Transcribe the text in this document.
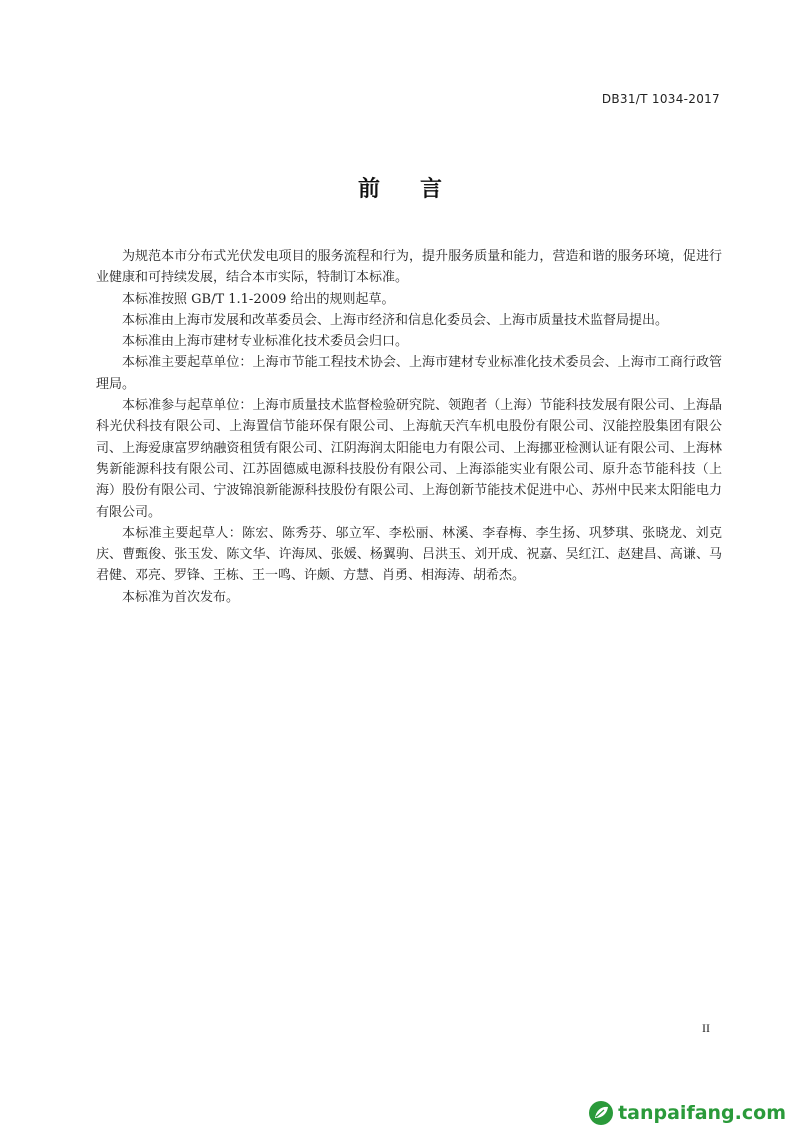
DB31/T 1034-2017
前 言

为规范本市分布式光伏发电项目的服务流程和行为，提升服务质量和能力，营造和谐的服务环境，促进行业健康和可持续发展，结合本市实际，特制订本标准。

本标准按照 GB/T 1.1-2009 给出的规则起草。

本标准由上海市发展和改革委员会、上海市经济和信息化委员会、上海市质量技术监督局提出。

本标准由上海市建材专业标准化技术委员会归口。

本标准主要起草单位：上海市节能工程技术协会、上海市建材专业标准化技术委员会、上海市工商行政管理局。

本标准参与起草单位：上海市质量技术监督检验研究院、领跑者（上海）节能科技发展有限公司、上海晶科光伏科技有限公司、上海置信节能环保有限公司、上海航天汽车机电股份有限公司、汉能控股集团有限公司、上海爱康富罗纳融资租赁有限公司、江阴海润太阳能电力有限公司、上海挪亚检测认证有限公司、上海林隽新能源科技有限公司、江苏固德威电源科技股份有限公司、上海添能实业有限公司、原升态节能科技（上海）股份有限公司、宁波锦浪新能源科技股份有限公司、上海创新节能技术促进中心、苏州中民来太阳能电力有限公司。

本标准主要起草人：陈宏、陈秀芬、邬立军、李松丽、林溪、李春梅、李生扬、巩梦琪、张晓龙、刘克庆、曹甄俊、张玉发、陈文华、许海凤、张媛、杨翼驹、吕洪玉、刘开成、祝嘉、吴红江、赵建昌、高谦、马君健、邓亮、罗锋、王栋、王一鸣、许颇、方慧、肖勇、相海涛、胡希杰。

本标准为首次发布。

II
tanpaifang.com
